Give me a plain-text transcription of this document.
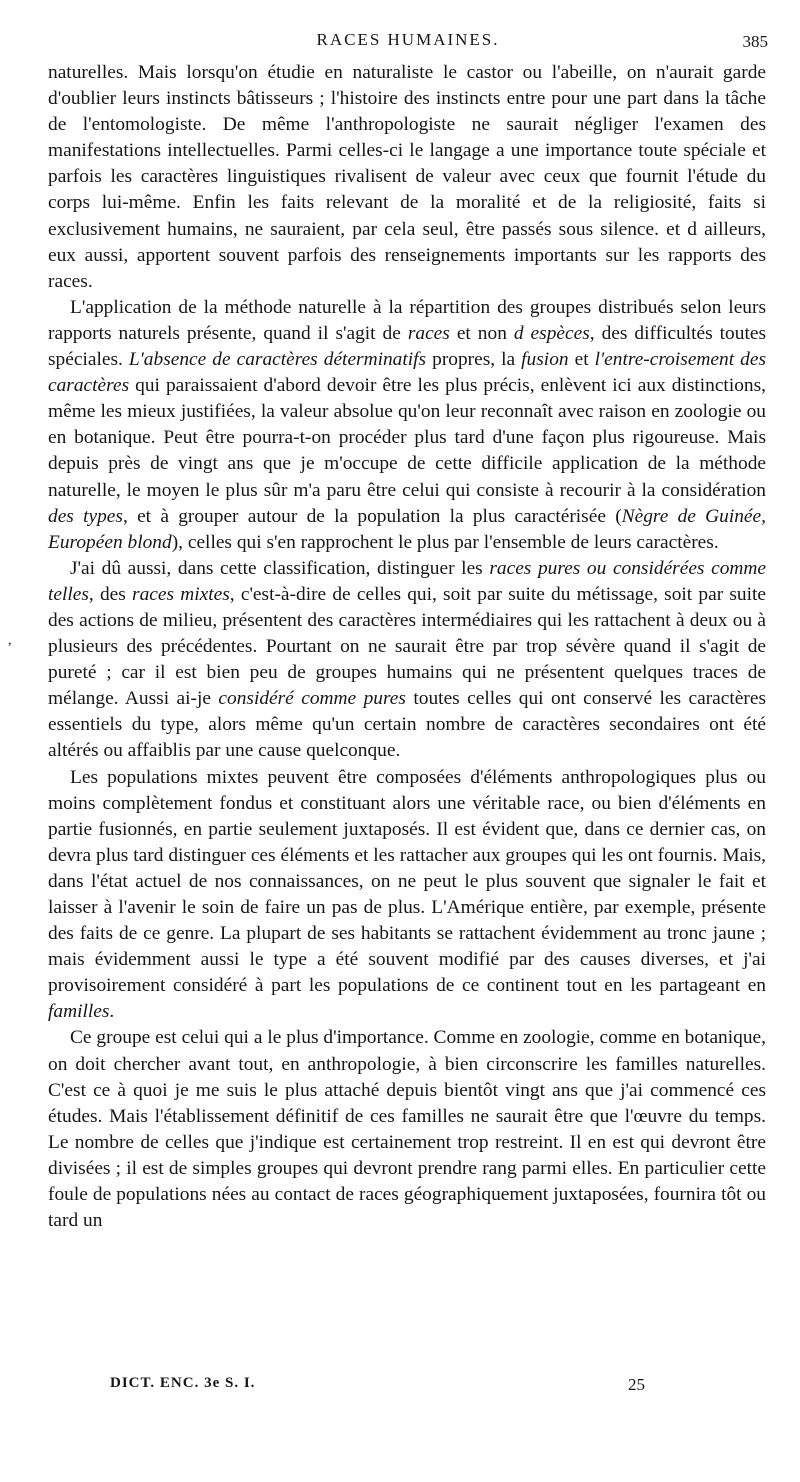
RACES HUMAINES.	385
,

naturelles. Mais lorsqu'on étudie en naturaliste le castor ou l'abeille, on n'aurait garde d'oublier leurs instincts bâtisseurs ; l'histoire des instincts entre pour une part dans la tâche de l'entomologiste. De même l'anthropologiste ne saurait négliger l'examen des manifestations intellectuelles. Parmi celles-ci le langage a une importance toute spéciale et parfois les caractères linguistiques rivalisent de valeur avec ceux que fournit l'étude du corps lui-même. Enfin les faits relevant de la moralité et de la religiosité, faits si exclusivement humains, ne sauraient, par cela seul, être passés sous silence. et d ailleurs, eux aussi, apportent souvent parfois des renseignements importants sur les rapports des races.

L'application de la méthode naturelle à la répartition des groupes distribués selon leurs rapports naturels présente, quand il s'agit de races et non d espèces, des difficultés toutes spéciales. L'absence de caractères déterminatifs propres, la fusion et l'entre-croisement des caractères qui paraissaient d'abord devoir être les plus précis, enlèvent ici aux distinctions, même les mieux justifiées, la valeur absolue qu'on leur reconnaît avec raison en zoologie ou en botanique. Peut être pourra-t-on procéder plus tard d'une façon plus rigoureuse. Mais depuis près de vingt ans que je m'occupe de cette difficile application de la méthode naturelle, le moyen le plus sûr m'a paru être celui qui consiste à recourir à la considération des types, et à grouper autour de la population la plus caractérisée (Nègre de Guinée, Européen blond), celles qui s'en rapprochent le plus par l'ensemble de leurs caractères.

J'ai dû aussi, dans cette classification, distinguer les races pures ou considérées comme telles, des races mixtes, c'est-à-dire de celles qui, soit par suite du métissage, soit par suite des actions de milieu, présentent des caractères intermédiaires qui les rattachent à deux ou à plusieurs des précédentes. Pourtant on ne saurait être par trop sévère quand il s'agit de pureté ; car il est bien peu de groupes humains qui ne présentent quelques traces de mélange. Aussi ai-je considéré comme pures toutes celles qui ont conservé les caractères essentiels du type, alors même qu'un certain nombre de caractères secondaires ont été altérés ou affaiblis par une cause quelconque.

Les populations mixtes peuvent être composées d'éléments anthropologiques plus ou moins complètement fondus et constituant alors une véritable race, ou bien d'éléments en partie fusionnés, en partie seulement juxtaposés. Il est évident que, dans ce dernier cas, on devra plus tard distinguer ces éléments et les rattacher aux groupes qui les ont fournis. Mais, dans l'état actuel de nos connaissances, on ne peut le plus souvent que signaler le fait et laisser à l'avenir le soin de faire un pas de plus. L'Amérique entière, par exemple, présente des faits de ce genre. La plupart de ses habitants se rattachent évidemment au tronc jaune ; mais évidemment aussi le type a été souvent modifié par des causes diverses, et j'ai provisoirement considéré à part les populations de ce continent tout en les partageant en familles.

Ce groupe est celui qui a le plus d'importance. Comme en zoologie, comme en botanique, on doit chercher avant tout, en anthropologie, à bien circonscrire les familles naturelles. C'est ce à quoi je me suis le plus attaché depuis bientôt vingt ans que j'ai commencé ces études. Mais l'établissement définitif de ces familles ne saurait être que l'œuvre du temps. Le nombre de celles que j'indique est certainement trop restreint. Il en est qui devront être divisées ; il est de simples groupes qui devront prendre rang parmi elles. En particulier cette foule de populations nées au contact de races géographiquement juxtaposées, fournira tôt ou tard un

DICT. ENC. 3e S. I.	25
